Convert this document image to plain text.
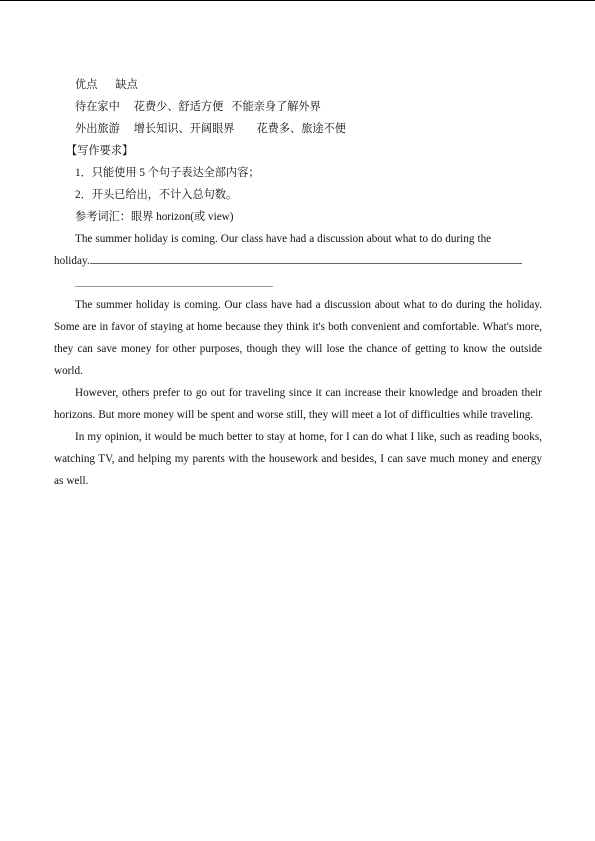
优点 缺点

待在家中 花费少、舒适方便 不能亲身了解外界

外出旅游 增长知识、开阔眼界 花费多、旅途不便

【写作要求】

1．只能使用 5 个句子表达全部内容；

2．开头已给出，不计入总句数。

参考词汇：眼界 horizon(或 view)

The summer holiday is coming. Our class have had a discussion about what to do during the

holiday.

The summer holiday is coming. Our class have had a discussion about what to do during the holiday. Some are in favor of staying at home because they think it's both convenient and comfortable. What's more, they can save money for other purposes, though they will lose the chance of getting to know the outside world.

However, others prefer to go out for traveling since it can increase their knowledge and broaden their horizons. But more money will be spent and worse still, they will meet a lot of difficulties while traveling.

In my opinion, it would be much better to stay at home, for I can do what I like, such as reading books, watching TV, and helping my parents with the housework and besides, I can save much money and energy as well.
